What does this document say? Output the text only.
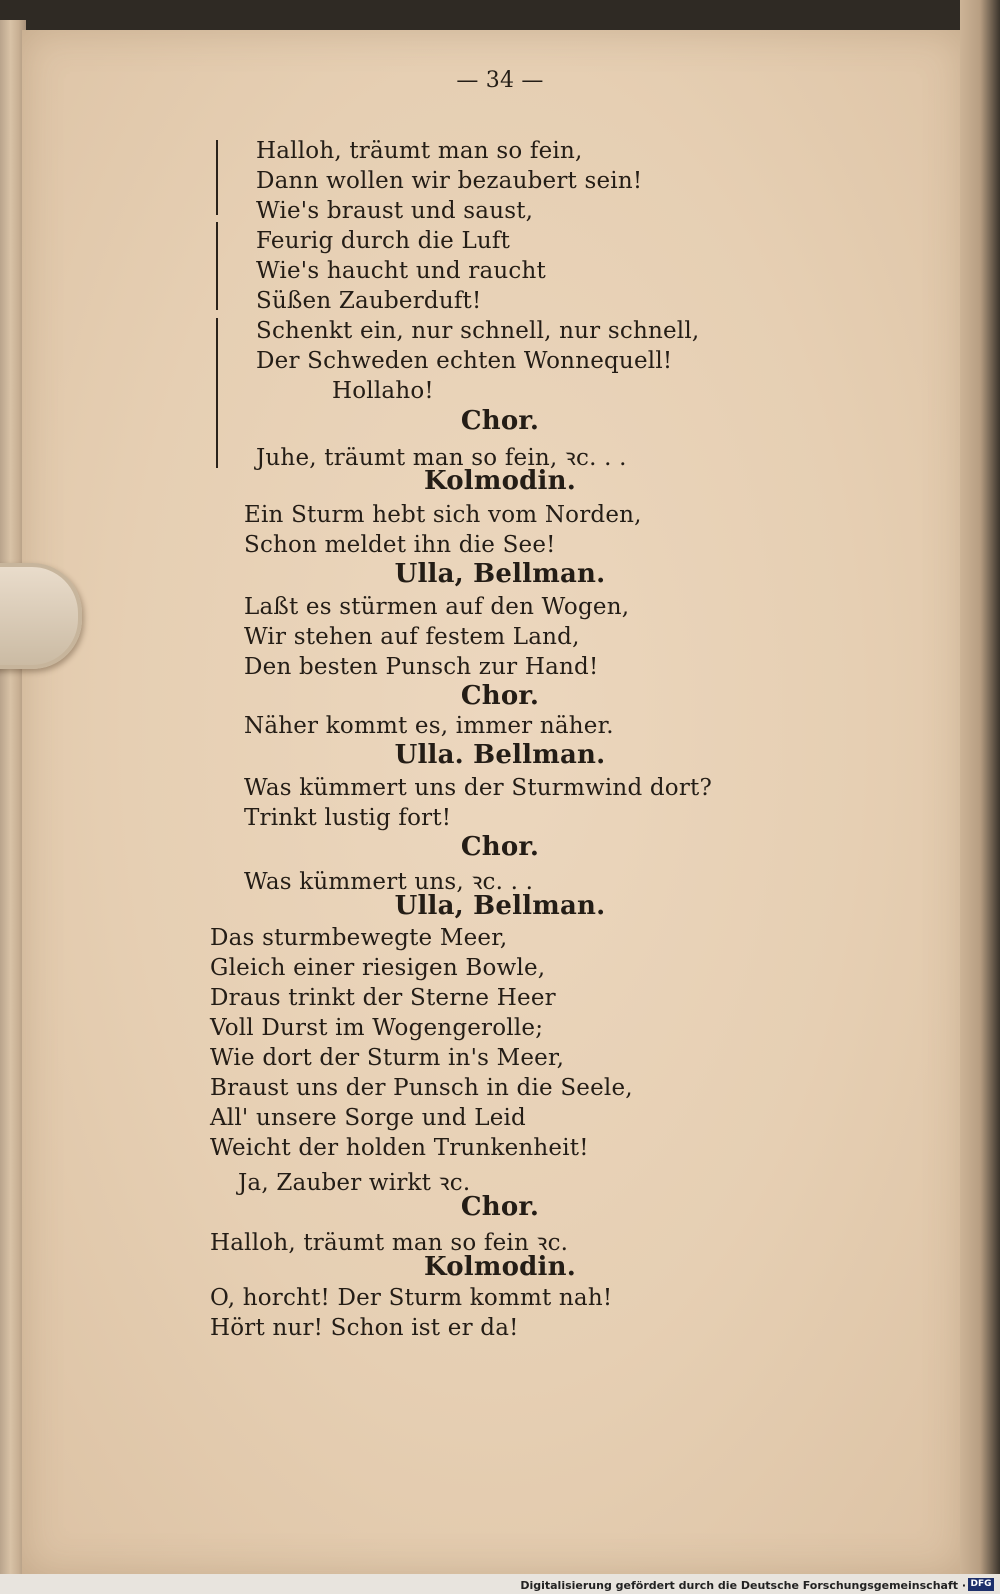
— 34 —
Halloh, träumt man so fein,
Dann wollen wir bezaubert sein!
Wie's braust und saust,
Feurig durch die Luft
Wie's haucht und raucht
Süßen Zauberduft!
Schenkt ein, nur schnell, nur schnell,
Der Schweden echten Wonnequell!
Hollaho!
Chor.
Juhe, träumt man so fein, ꝛc. . .
Kolmodin.
Ein Sturm hebt sich vom Norden,
Schon meldet ihn die See!
Ulla, Bellman.
Laßt es stürmen auf den Wogen,
Wir stehen auf festem Land,
Den besten Punsch zur Hand!
Chor.
Näher kommt es, immer näher.
Ulla. Bellman.
Was kümmert uns der Sturmwind dort?
Trinkt lustig fort!
Chor.
Was kümmert uns, ꝛc. . .
Ulla, Bellman.
Das sturmbewegte Meer,
Gleich einer riesigen Bowle,
Draus trinkt der Sterne Heer
Voll Durst im Wogengerolle;
Wie dort der Sturm in's Meer,
Braust uns der Punsch in die Seele,
All' unsere Sorge und Leid
Weicht der holden Trunkenheit!
Ja, Zauber wirkt ꝛc.
Chor.
Halloh, träumt man so fein ꝛc.
Kolmodin.
O, horcht! Der Sturm kommt nah!
Hört nur! Schon ist er da!
Digitalisierung gefördert durch die Deutsche Forschungsgemeinschaft · DFG
